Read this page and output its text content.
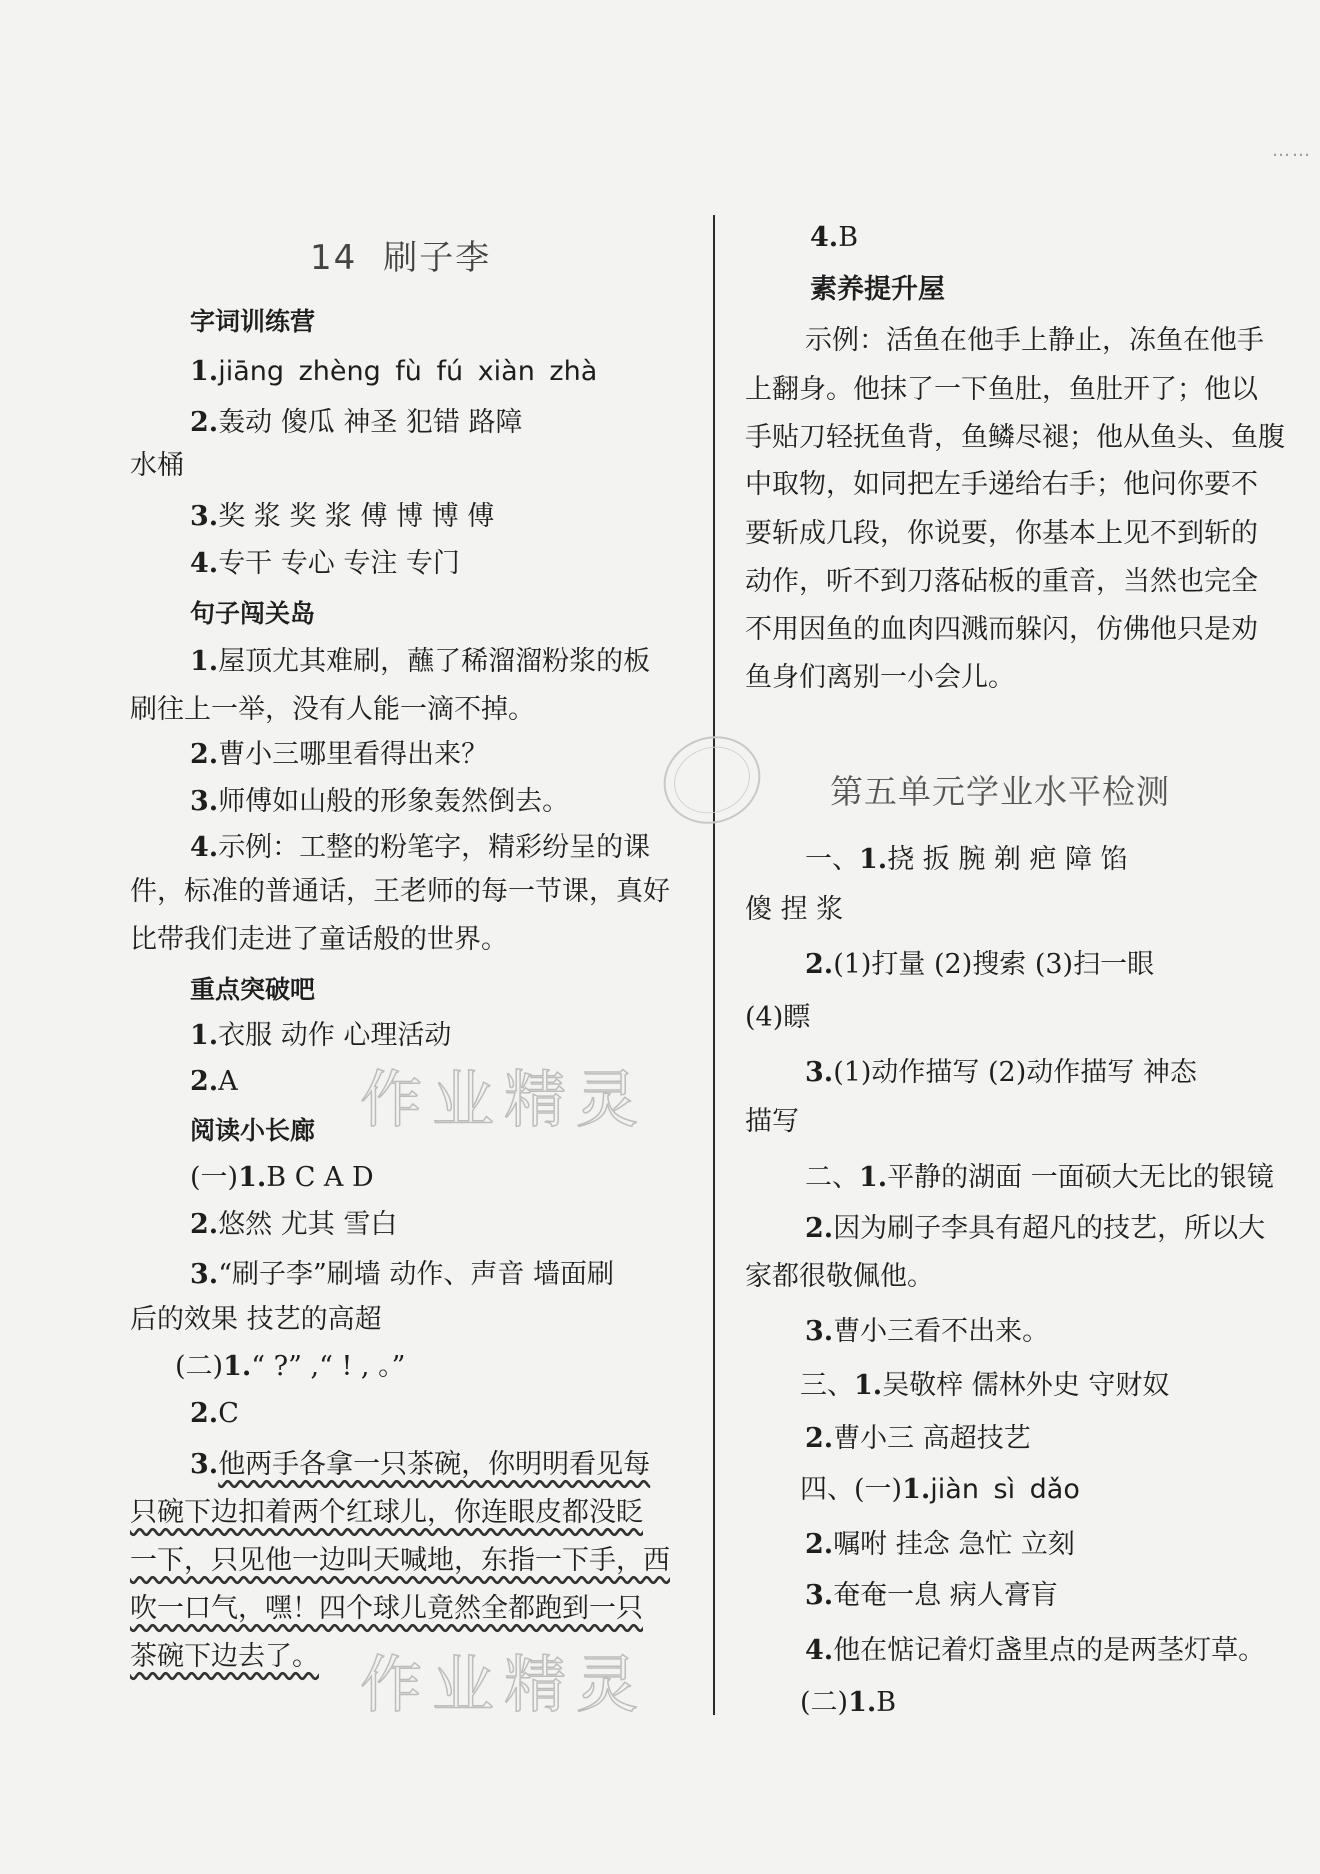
……
14 刷子李
字词训练营
1.jiāng zhèng fù fú xiàn zhà
2.轰动 傻瓜 神圣 犯错 路障
水桶
3.奖 浆 奖 浆 傅 博 博 傅
4.专干 专心 专注 专门
句子闯关岛
1.屋顶尤其难刷，蘸了稀溜溜粉浆的板
刷往上一举，没有人能一滴不掉。
2.曹小三哪里看得出来？
3.师傅如山般的形象轰然倒去。
4.示例：工整的粉笔字，精彩纷呈的课
件，标准的普通话，王老师的每一节课，真好
比带我们走进了童话般的世界。
重点突破吧
1.衣服 动作 心理活动
2.A
阅读小长廊
(一)1.B C A D
2.悠然 尤其 雪白
3.“刷子李”刷墙 动作、声音 墙面刷
后的效果 技艺的高超
(二)1.“ ?” ,“ ! , 。”
2.C
3.他两手各拿一只茶碗，你明明看见每
只碗下边扣着两个红球儿，你连眼皮都没眨
一下，只见他一边叫天喊地，东指一下手，西
吹一口气，嘿！四个球儿竟然全都跑到一只
茶碗下边去了。
4.B
素养提升屋
示例：活鱼在他手上静止，冻鱼在他手
上翻身。他抹了一下鱼肚，鱼肚开了；他以
手贴刀轻抚鱼背，鱼鳞尽褪；他从鱼头、鱼腹
中取物，如同把左手递给右手；他问你要不
要斩成几段，你说要，你基本上见不到斩的
动作，听不到刀落砧板的重音，当然也完全
不用因鱼的血肉四溅而躲闪，仿佛他只是劝
鱼身们离别一小会儿。
第五单元学业水平检测
一、1.挠 扳 腕 剃 疤 障 馅
傻 捏 浆
2.(1)打量 (2)搜索 (3)扫一眼
(4)瞟
3.(1)动作描写 (2)动作描写 神态
描写
二、1.平静的湖面 一面硕大无比的银镜
2.因为刷子李具有超凡的技艺，所以大
家都很敬佩他。
3.曹小三看不出来。
三、1.吴敬梓 儒林外史 守财奴
2.曹小三 高超技艺
四、(一)1.jiàn sì dǎo
2.嘱咐 挂念 急忙 立刻
3.奄奄一息 病人膏肓
4.他在惦记着灯盏里点的是两茎灯草。
(二)1.B
作业精灵
作业精灵
